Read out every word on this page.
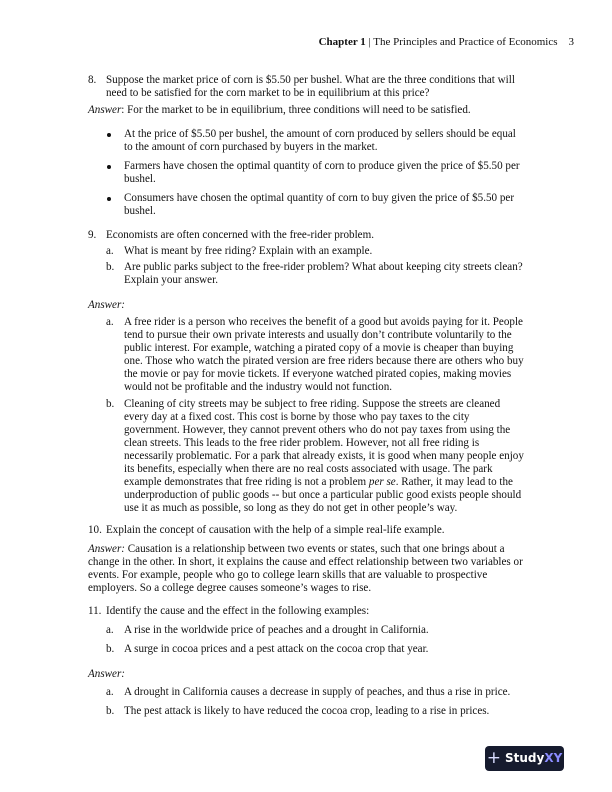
Chapter 1 | The Principles and Practice of Economics 3
8. Suppose the market price of corn is $5.50 per bushel. What are the three conditions that will need to be satisfied for the corn market to be in equilibrium at this price?
Answer: For the market to be in equilibrium, three conditions will need to be satisfied.
At the price of $5.50 per bushel, the amount of corn produced by sellers should be equal to the amount of corn purchased by buyers in the market.
Farmers have chosen the optimal quantity of corn to produce given the price of $5.50 per bushel.
Consumers have chosen the optimal quantity of corn to buy given the price of $5.50 per bushel.
9. Economists are often concerned with the free-rider problem.
a. What is meant by free riding? Explain with an example.
b. Are public parks subject to the free-rider problem? What about keeping city streets clean? Explain your answer.
Answer:
a. A free rider is a person who receives the benefit of a good but avoids paying for it. People tend to pursue their own private interests and usually don’t contribute voluntarily to the public interest. For example, watching a pirated copy of a movie is cheaper than buying one. Those who watch the pirated version are free riders because there are others who buy the movie or pay for movie tickets. If everyone watched pirated copies, making movies would not be profitable and the industry would not function.
b. Cleaning of city streets may be subject to free riding. Suppose the streets are cleaned every day at a fixed cost. This cost is borne by those who pay taxes to the city government. However, they cannot prevent others who do not pay taxes from using the clean streets. This leads to the free rider problem. However, not all free riding is necessarily problematic. For a park that already exists, it is good when many people enjoy its benefits, especially when there are no real costs associated with usage. The park example demonstrates that free riding is not a problem per se. Rather, it may lead to the underproduction of public goods -- but once a particular public good exists people should use it as much as possible, so long as they do not get in other people’s way.
10. Explain the concept of causation with the help of a simple real-life example.
Answer: Causation is a relationship between two events or states, such that one brings about a change in the other. In short, it explains the cause and effect relationship between two variables or events. For example, people who go to college learn skills that are valuable to prospective employers. So a college degree causes someone’s wages to rise.
11. Identify the cause and the effect in the following examples:
a. A rise in the worldwide price of peaches and a drought in California.
b. A surge in cocoa prices and a pest attack on the cocoa crop that year.
Answer:
a. A drought in California causes a decrease in supply of peaches, and thus a rise in price.
b. The pest attack is likely to have reduced the cocoa crop, leading to a rise in prices.
+ StudyXY
